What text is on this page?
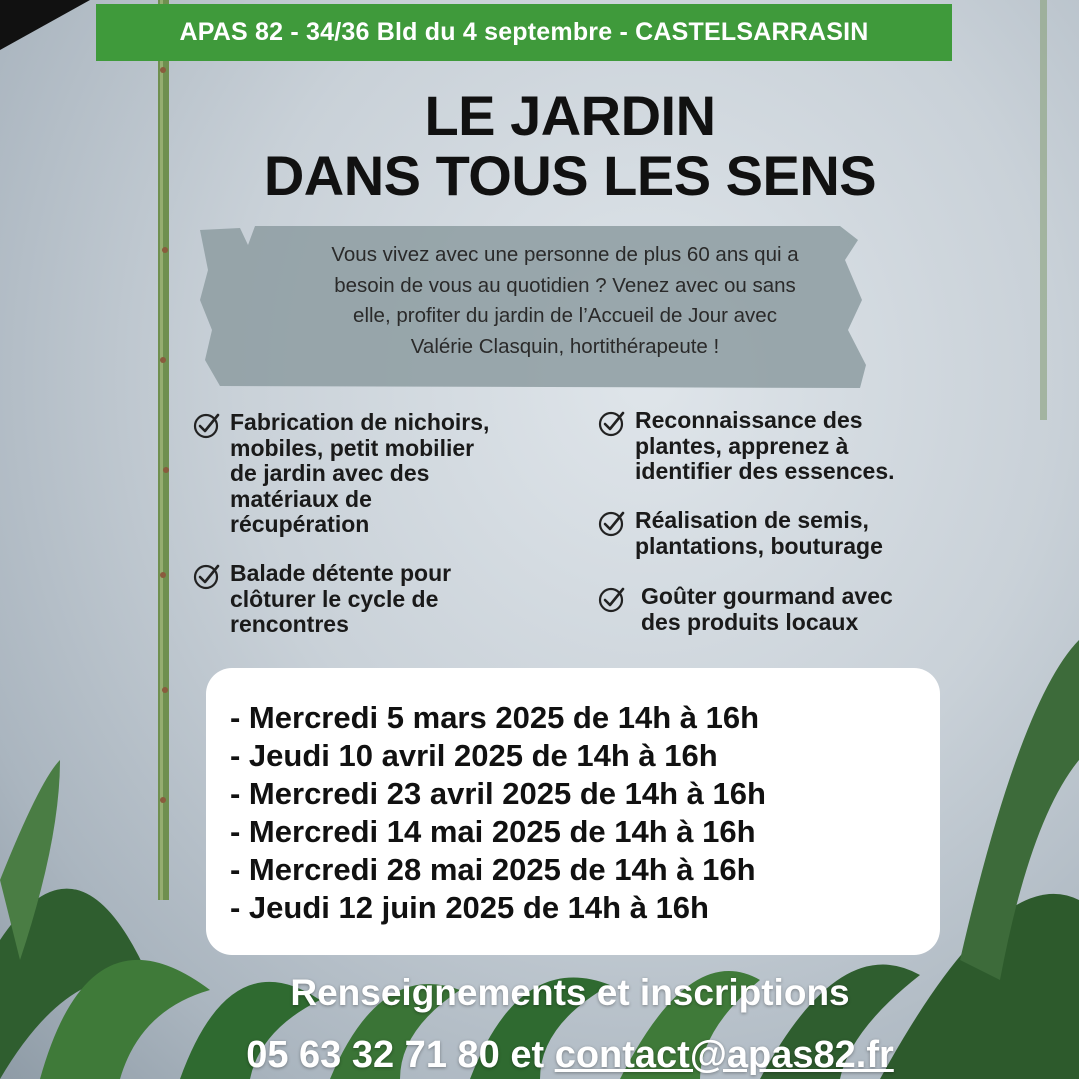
APAS 82 - 34/36 Bld du 4 septembre - CASTELSARRASIN
LE JARDIN
DANS TOUS LES SENS
Vous vivez avec une personne de plus 60 ans qui a
besoin de vous au quotidien ? Venez avec ou sans
elle, profiter du jardin de l’Accueil de Jour avec
Valérie Clasquin, hortithérapeute !
Fabrication de nichoirs,
mobiles, petit mobilier
de jardin avec des
matériaux de
récupération
Balade détente pour
clôturer le cycle de
rencontres
Reconnaissance des
plantes, apprenez à
identifier des essences.
Réalisation de semis,
plantations, bouturage
Goûter gourmand avec
des produits locaux
- Mercredi 5 mars 2025 de 14h à 16h
- Jeudi 10 avril 2025 de 14h à 16h
- Mercredi 23 avril 2025 de 14h à 16h
- Mercredi 14 mai 2025 de 14h à 16h
- Mercredi 28 mai 2025 de 14h à 16h
- Jeudi 12 juin 2025 de 14h à 16h
Renseignements et inscriptions
05 63 32 71 80 et contact@apas82.fr
